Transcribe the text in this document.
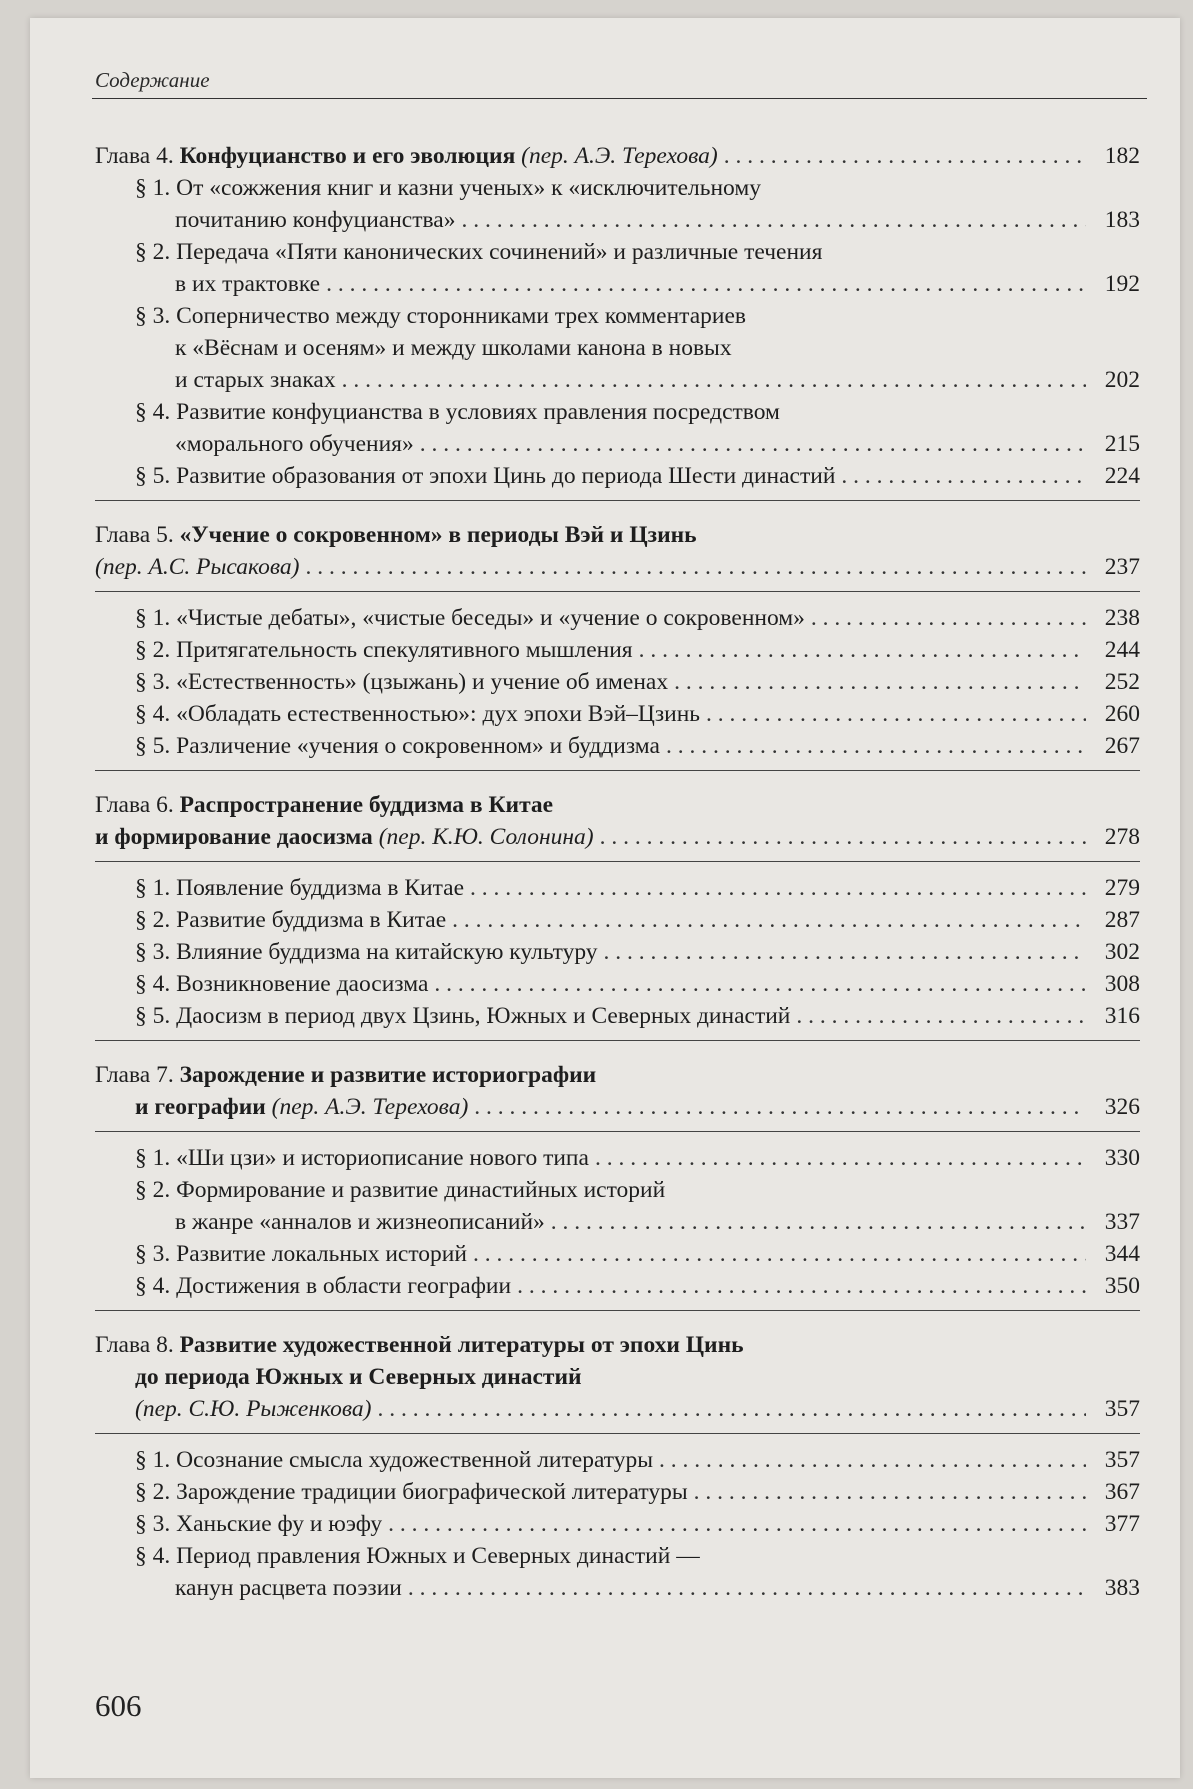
Содержание
Глава 4. Конфуцианство и его эволюция (пер. А.Э. Терехова) . . .	182
§ 1. От «сожжения книг и казни ученых» к «исключительному
почитанию конфуцианства» . . .	183
§ 2. Передача «Пяти канонических сочинений» и различные течения
в их трактовке . . .	192
§ 3. Соперничество между сторонниками трех комментариев
к «Вёснам и осеням» и между школами канона в новых
и старых знаках . . .	202
§ 4. Развитие конфуцианства в условиях правления посредством
«морального обучения» . . .	215
§ 5. Развитие образования от эпохи Цинь до периода Шести династий . . .	224
Глава 5. «Учение о сокровенном» в периоды Вэй и Цзинь
(пер. А.С. Рысакова) . . .	237
§ 1. «Чистые дебаты», «чистые беседы» и «учение о сокровенном» . . .	238
§ 2. Притягательность спекулятивного мышления . . .	244
§ 3. «Естественность» (цзыжань) и учение об именах . . .	252
§ 4. «Обладать естественностью»: дух эпохи Вэй–Цзинь . . .	260
§ 5. Различение «учения о сокровенном» и буддизма . . .	267
Глава 6. Распространение буддизма в Китае
и формирование даосизма (пер. К.Ю. Солонина) . . .	278
§ 1. Появление буддизма в Китае . . .	279
§ 2. Развитие буддизма в Китае . . .	287
§ 3. Влияние буддизма на китайскую культуру . . .	302
§ 4. Возникновение даосизма . . .	308
§ 5. Даосизм в период двух Цзинь, Южных и Северных династий . . .	316
Глава 7. Зарождение и развитие историографии
и географии (пер. А.Э. Терехова) . . .	326
§ 1. «Ши цзи» и историописание нового типа . . .	330
§ 2. Формирование и развитие династийных историй
в жанре «анналов и жизнеописаний» . . .	337
§ 3. Развитие локальных историй . . .	344
§ 4. Достижения в области географии . . .	350
Глава 8. Развитие художественной литературы от эпохи Цинь
до периода Южных и Северных династий
(пер. С.Ю. Рыженкова) . . .	357
§ 1. Осознание смысла художественной литературы . . .	357
§ 2. Зарождение традиции биографической литературы . . .	367
§ 3. Ханьские фу и юэфу . . .	377
§ 4. Период правления Южных и Северных династий —
канун расцвета поэзии . . .	383
606
